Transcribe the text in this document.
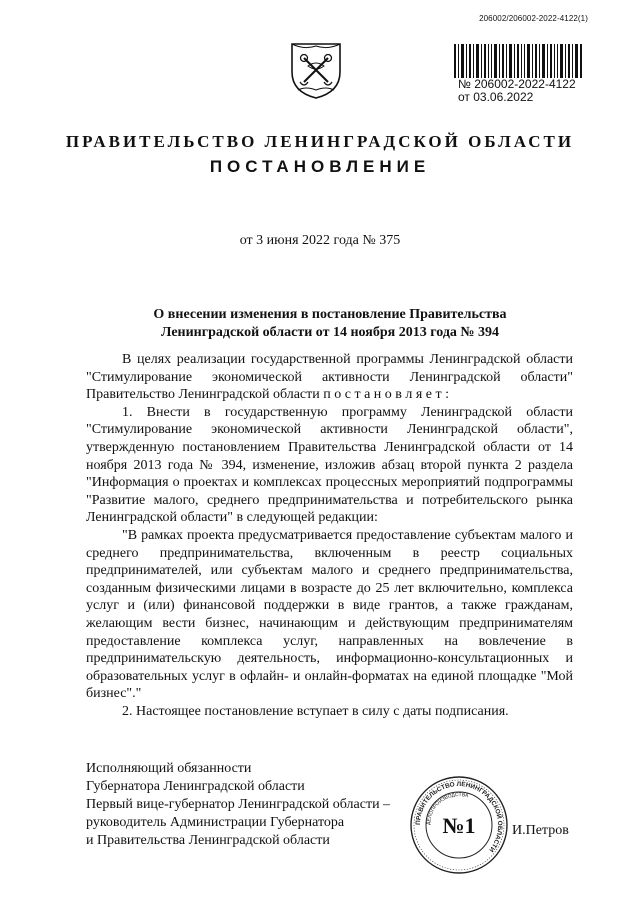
206002/206002-2022-4122(1)
№ 206002-2022-4122
от 03.06.2022
ПРАВИТЕЛЬСТВО ЛЕНИНГРАДСКОЙ ОБЛАСТИ
ПОСТАНОВЛЕНИЕ
от 3 июня 2022 года № 375
О внесении изменения в постановление Правительства
Ленинградской области от 14 ноября 2013 года № 394

В целях реализации государственной программы Ленинградской области "Стимулирование экономической активности Ленинградской области" Правительство Ленинградской области п о с т а н о в л я е т :

1. Внести в государственную программу Ленинградской области "Стимулирование экономической активности Ленинградской области", утвержденную постановлением Правительства Ленинградской области от 14 ноября 2013 года № 394, изменение, изложив абзац второй пункта 2 раздела "Информация о проектах и комплексах процессных мероприятий подпрограммы "Развитие малого, среднего предпринимательства и потребительского рынка Ленинградской области" в следующей редакции:

"В рамках проекта предусматривается предоставление субъектам малого и среднего предпринимательства, включенным в реестр социальных предпринимателей, или субъектам малого и среднего предпринимательства, созданным физическими лицами в возрасте до 25 лет включительно, комплекса услуг и (или) финансовой поддержки в виде грантов, а также гражданам, желающим вести бизнес, начинающим и действующим предпринимателям предоставление комплекса услуг, направленных на вовлечение в предпринимательскую деятельность, информационно-консультационных и образовательных услуг в офлайн- и онлайн-форматах на единой площадке "Мой бизнес"."

2. Настоящее постановление вступает в силу с даты подписания.

Исполняющий обязанности
Губернатора Ленинградской области
Первый вице-губернатор Ленинградской области –
руководитель Администрации Губернатора
и Правительства Ленинградской области
ПРАВИТЕЛЬСТВО ЛЕНИНГРАДСКОЙ ОБЛАСТИ
ДЕЛОПРОИЗВОДСТВА
№1	И.Петров
